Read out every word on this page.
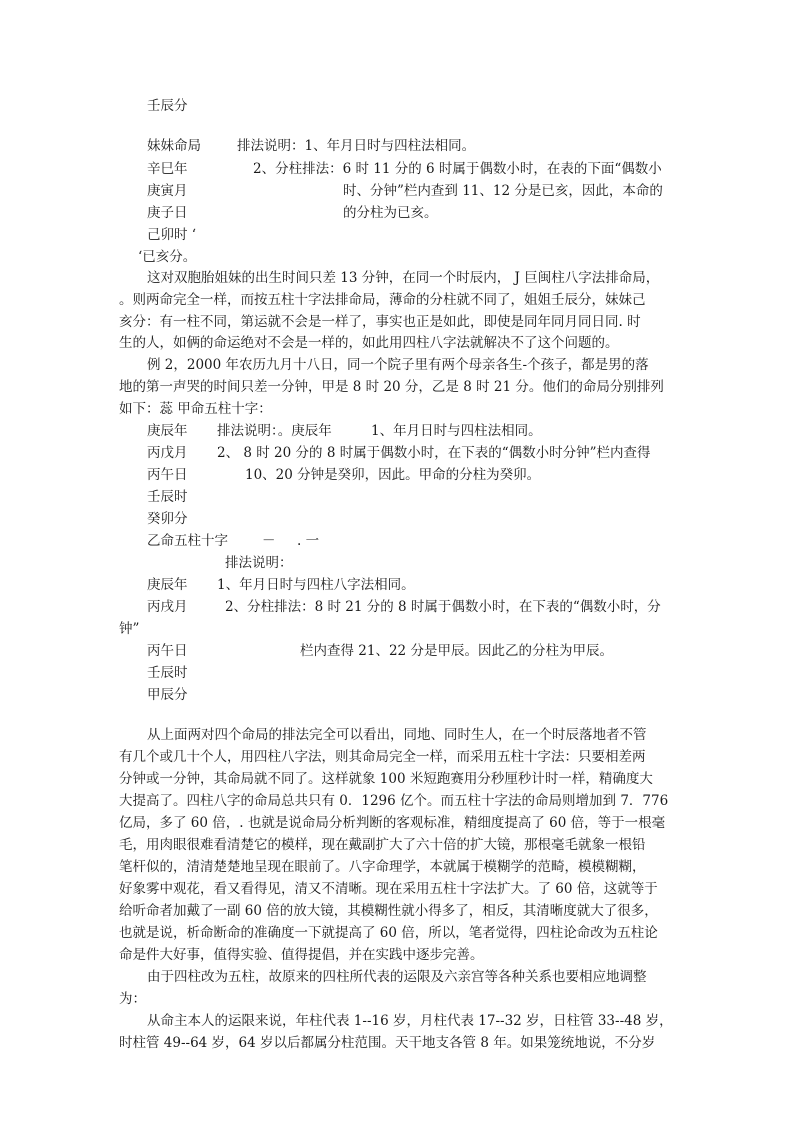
壬辰分

妹妹命局	排法说明：1、年月日时与四柱法相同。

辛巳年	2、分柱排法：6 时 11 分的 6 时属于偶数小时，在表的下面“偶数小

庚寅月	时、分钟”栏内查到 11、12 分是已亥，因此，本命的

庚子日	的分柱为已亥。

己卯时 ‘

‘已亥分。

这对双胞胎姐妹的出生时间只差 13 分钟，在同一个时辰内， J 巨闽柱八字法排命局，

。则两命完全一样，而按五柱十字法排命局，薄命的分柱就不同了，姐姐壬辰分，妹妹己

亥分：有一柱不同，第运就不会是一样了，事实也正是如此，即使是同年同月同日同. 时

生的人，如俩的命运绝对不会是一样的，如此用四柱八字法就解决不了这个问题的。

例 2，2000 年农历九月十八日，同一个院子里有两个母亲各生-个孩子，都是男的落

地的第一声哭的时间只差一分钟，甲是 8 时 20 分，乙是 8 时 21 分。他们的命局分别排列

如下：蕊 甲命五柱十字：

庚辰年 排法说明：。庚辰年	1、年月日时与四柱法相同。

丙戊月 2、 8 时 20 分的 8 时属于偶数小时，在下表的“偶数小时分钟”栏内查得

丙午日	10、20 分钟是癸卯，因此。甲命的分柱为癸卯。

壬辰时

癸卯分

乙命五柱十字	－ . 一

排法说明：

庚辰年 1、年月日时与四柱八字法相同。

丙戌月	2、分柱排法：8 时 21 分的 8 时属于偶数小时，在下表的“偶数小时，分

钟”

丙午日	栏内查得 21、22 分是甲辰。因此乙的分柱为甲辰。

壬辰时

甲辰分

从上面两对四个命局的排法完全可以看出，同地、同时生人，在一个时辰落地者不管

有几个或几十个人，用四柱八字法，则其命局完全一样，而采用五柱十字法：只要相差两

分钟或一分钟，其命局就不同了。这样就象 100 米短跑赛用分秒厘秒计时一样，精确度大

大提高了。四柱八字的命局总共只有 0．1296 亿个。而五柱十字法的命局则增加到 7．776

亿局，多了 60 倍，. 也就是说命局分析判断的客观标准，精细度提高了 60 倍，等于一根毫

毛，用肉眼很难看清楚它的模样，现在戴副扩大了六十倍的扩大镜，那根毫毛就象一根铅

笔杆似的，清清楚楚地呈现在眼前了。八字命理学，本就属于模糊学的范畸，模模糊糊，

好象雾中观花，看又看得见，清又不清晰。现在采用五柱十字法扩大。了 60 倍，这就等于

给听命者加戴了一副 60 倍的放大镜，其模糊性就小得多了，相反，其清晰度就大了很多，

也就是说，析命断命的准确度一下就提高了 60 倍，所以，笔者觉得，四柱论命改为五柱论

命是件大好事，值得实验、值得提倡，并在实践中逐步完善。

由于四柱改为五柱，故原来的四柱所代表的运限及六亲宫等各种关系也要相应地调整

为：

从命主本人的运限来说，年柱代表 1--16 岁，月柱代表 17--32 岁，日柱管 33--48 岁，

时柱管 49--64 岁，64 岁以后都属分柱范围。天干地支各管 8 年。如果笼统地说，不分岁
